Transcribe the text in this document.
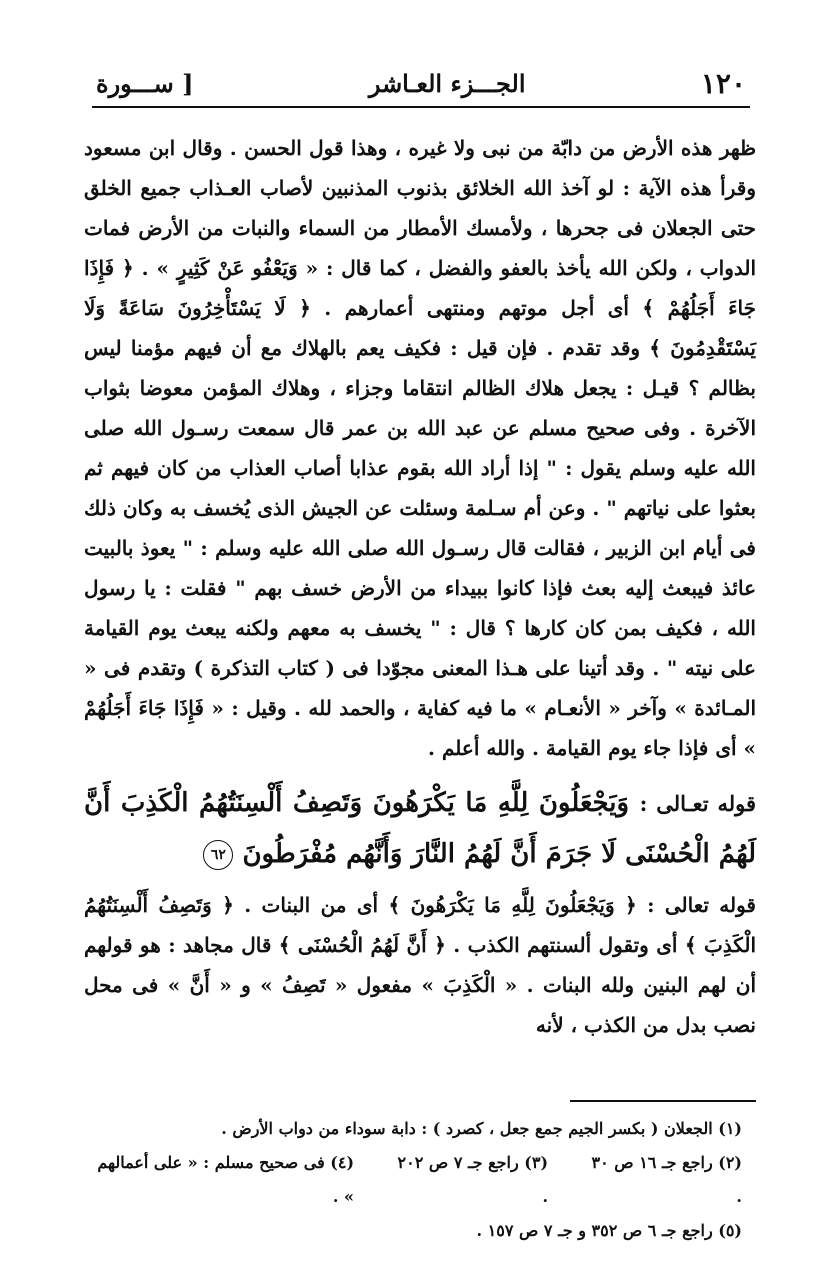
١٢٠
الجـــزء العـاشر
[ ســـورة

ظهر هذه الأرض من دابّة من نبى ولا غيره ، وهذا قول الحسن . وقال ابن مسعود وقرأ هذه الآية : لو آخذ الله الخلائق بذنوب المذنبين لأصاب العـذاب جميع الخلق حتى الجعلان فى جحرها ، ولأمسك الأمطار من السماء والنبات من الأرض فمات الدواب ، ولكن الله يأخذ بالعفو والفضل ، كما قال : « وَيَعْفُو عَنْ كَثِيرٍ » . ﴿ فَإِذَا جَاءَ أَجَلُهُمْ ﴾ أى أجل موتهم ومنتهى أعمارهم . ﴿ لَا يَسْتَأْخِرُونَ سَاعَةً وَلَا يَسْتَقْدِمُونَ ﴾ وقد تقدم . فإن قيل : فكيف يعم بالهلاك مع أن فيهم مؤمنا ليس بظالم ؟ قيـل : يجعل هلاك الظالم انتقاما وجزاء ، وهلاك المؤمن معوضا بثواب الآخرة . وفى صحيح مسلم عن عبد الله بن عمر قال سمعت رسـول الله صلى الله عليه وسلم يقول : " إذا أراد الله بقوم عذابا أصاب العذاب من كان فيهم ثم بعثوا على نياتهم " . وعن أم سـلمة وسئلت عن الجيش الذى يُخسف به وكان ذلك فى أيام ابن الزبير ، فقالت قال رسـول الله صلى الله عليه وسلم : " يعوذ بالبيت عائذ فيبعث إليه بعث فإذا كانوا ببيداء من الأرض خسف بهم " فقلت : يا رسول الله ، فكيف بمن كان كارها ؟ قال : " يخسف به معهم ولكنه يبعث يوم القيامة على نيته " . وقد أتينا على هـذا المعنى مجوّدا فى ( كتاب التذكرة ) وتقدم فى « المـائدة » وآخر « الأنعـام » ما فيه كفاية ، والحمد لله . وقيل : « فَإِذَا جَاءَ أَجَلُهُمْ » أى فإذا جاء يوم القيامة . والله أعلم .

قوله تعـالى : وَيَجْعَلُونَ لِلَّهِ مَا يَكْرَهُونَ وَتَصِفُ أَلْسِنَتُهُمُ الْكَذِبَ أَنَّ لَهُمُ الْحُسْنَى لَا جَرَمَ أَنَّ لَهُمُ النَّارَ وَأَنَّهُم مُفْرَطُونَ ٦٢

قوله تعالى : ﴿ وَيَجْعَلُونَ لِلَّهِ مَا يَكْرَهُونَ ﴾ أى من البنات . ﴿ وَتَصِفُ أَلْسِنَتُهُمُ الْكَذِبَ ﴾ أى وتقول ألسنتهم الكذب . ﴿ أَنَّ لَهُمُ الْحُسْنَى ﴾ قال مجاهد : هو قولهم أن لهم البنين ولله البنات . « الْكَذِبَ » مفعول « تَصِفُ » و « أَنَّ » فى محل نصب بدل من الكذب ، لأنه

(١) الجعلان ( بكسر الجيم جمع جعل ، كصرد ) : دابة سوداء من دواب الأرض .

(٢) راجع جـ ١٦ ص ٣٠ .
(٣) راجع جـ ٧ ص ٢٠٢ .
(٤) فى صحيح مسلم : « على أعمالهم » .

(٥) راجع جـ ٦ ص ٣٥٢ و جـ ٧ ص ١٥٧ .
